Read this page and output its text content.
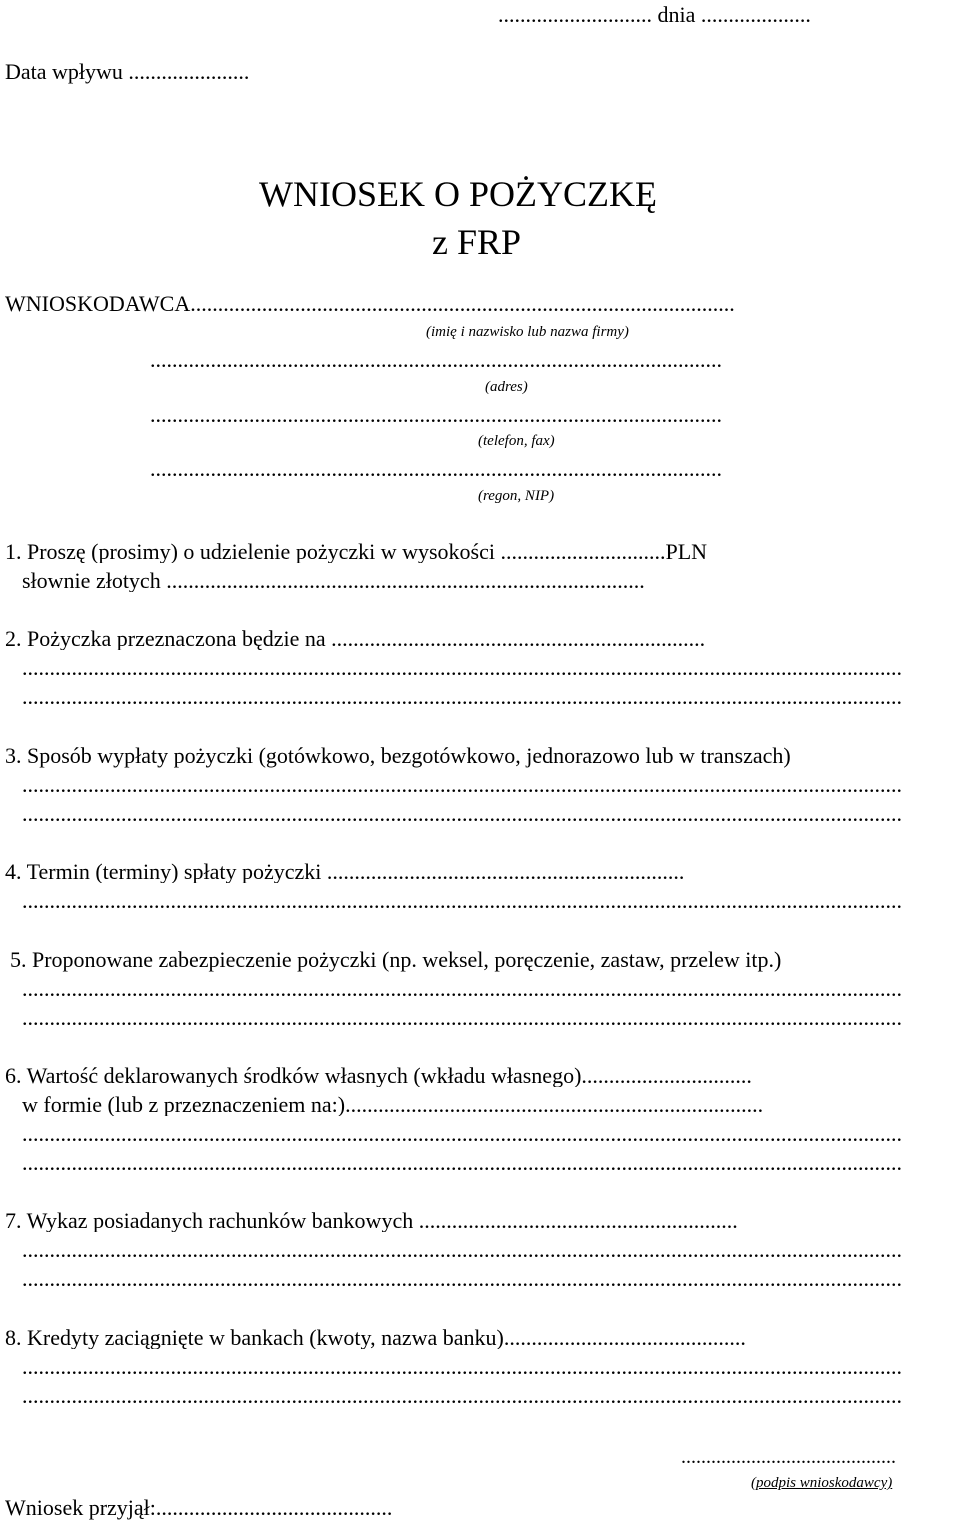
............................ dnia ....................
Data wpływu ......................
WNIOSEK O POŻYCZKĘ
z FRP
WNIOSKODAWCA...................................................................................................
(imię i nazwisko lub nazwa firmy)
........................................................................................................
(adres)
........................................................................................................
(telefon, fax)
........................................................................................................
(regon, NIP)
1. Proszę (prosimy) o udzielenie pożyczki w wysokości ..............................PLN
słownie złotych .......................................................................................
2. Pożyczka przeznaczona będzie na ....................................................................
................................................................................................................................................................
................................................................................................................................................................
3. Sposób wypłaty pożyczki (gotówkowo, bezgotówkowo, jednorazowo lub w transzach)
................................................................................................................................................................
................................................................................................................................................................
4. Termin (terminy) spłaty pożyczki .................................................................
................................................................................................................................................................
5. Proponowane zabezpieczenie pożyczki (np. weksel, poręczenie, zastaw, przelew itp.)
................................................................................................................................................................
................................................................................................................................................................
6. Wartość deklarowanych środków własnych (wkładu własnego)...............................
w formie (lub z przeznaczeniem na:)............................................................................
................................................................................................................................................................
................................................................................................................................................................
7. Wykaz posiadanych rachunków bankowych ..........................................................
................................................................................................................................................................
................................................................................................................................................................
8. Kredyty zaciągnięte w bankach (kwoty, nazwa banku)............................................
................................................................................................................................................................
................................................................................................................................................................
...........................................
(podpis wnioskodawcy)
Wniosek przyjął:...........................................
